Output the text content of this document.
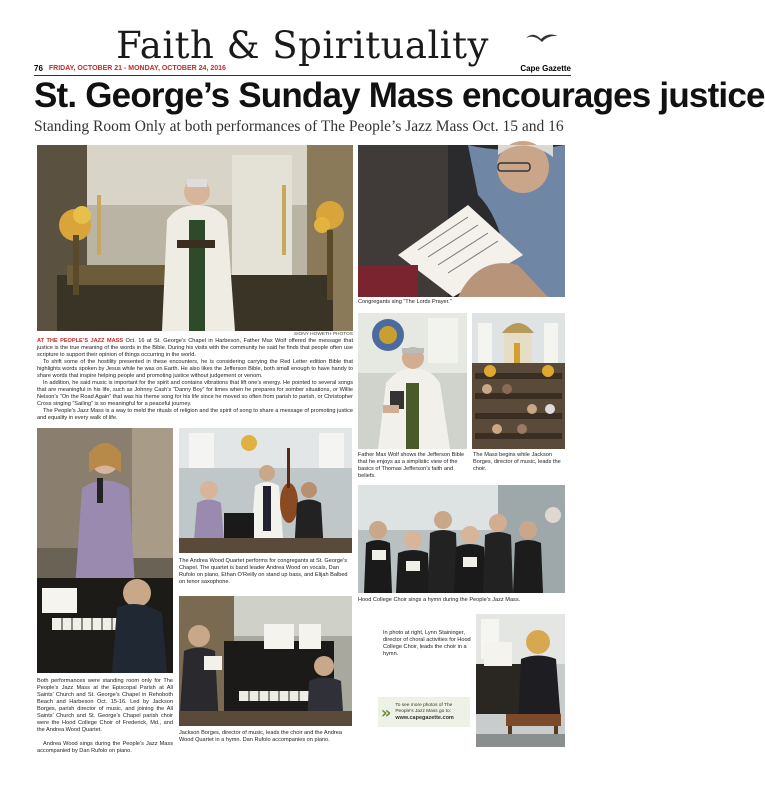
Faith & Spirituality
76 FRIDAY, OCTOBER 21 - MONDAY, OCTOBER 24, 2016	Cape Gazette
St. George’s Sunday Mass encourages justice
Standing Room Only at both performances of The People’s Jazz Mass Oct. 15 and 16
SIONY HOWETH PHOTOS
Congregants sing “The Lords Prayer.”

AT THE PEOPLE’S JAZZ MASS Oct. 16 at St. George’s Chapel in Harbeson, Father Max Wolf offered the message that justice is the true meaning of the words in the Bible. During his visits with the community he said he finds that people often use scripture to support their opinion of things occurring in the world.

To shift some of the hostility presented in these encounters, he is considering carrying the Red Letter edition Bible that highlights words spoken by Jesus while he was on Earth. He also likes the Jefferson Bible, both small enough to have handy to share words that inspire helping people and promoting justice without judgement or venom.

In addition, he said music is important for the spirit and contains vibrations that lift one’s energy. He pointed to several songs that are meaningful in his life, such as Johnny Cash’s “Danny Boy” for times when he prepares for somber situations, or Willie Nelson’s “On the Road Again” that was his theme song for his life since he moved so often from parish to parish, or Christopher Cross singing “Sailing” is so meaningful for a peaceful journey.

The People’s Jazz Mass is a way to meld the rituals of religion and the spirit of song to share a message of promoting justice and equality in every walk of life.

Father Max Wolf shows the Jefferson Bible that he enjoys as a simplistic view of the basics of Thomas Jefferson’s faith and beliefs.
The Mass begins while Jackson Borges, director of music, leads the choir.
The Andrea Wood Quartet performs for congregants at St. George’s Chapel. The quartet is band leader Andrea Wood on vocals, Dan Rufolo on piano, Ethan O’Reilly on stand up bass, and Elijah Balbed on tenor saxophone.
Hood College Choir sings a hymn during the People’s Jazz Mass.
In photo at right, Lynn Staininger, director of choral activities for Hood College Choir, leads the choir in a hymn.
Jackson Borges, director of music, leads the choir and the Andrea Wood Quartet in a hymn. Dan Rufolo accompanies on piano.
Both performances were standing room only for The People’s Jazz Mass at the Episcopal Parish at All Saints’ Church and St. George’s Chapel in Rehoboth Beach and Harbeson Oct. 15-16. Led by Jackson Borges, parish director of music, and joining the All Saints’ Church and St. George’s Chapel parish choir were the Hood College Choir of Frederick, Md., and the Andrea Wood Quartet.
Andrea Wood sings during the People’s Jazz Mass accompanied by Dan Rufolo on piano.
» To see more photos of The People’s Jazz Mass go to:
www.capegazette.com
